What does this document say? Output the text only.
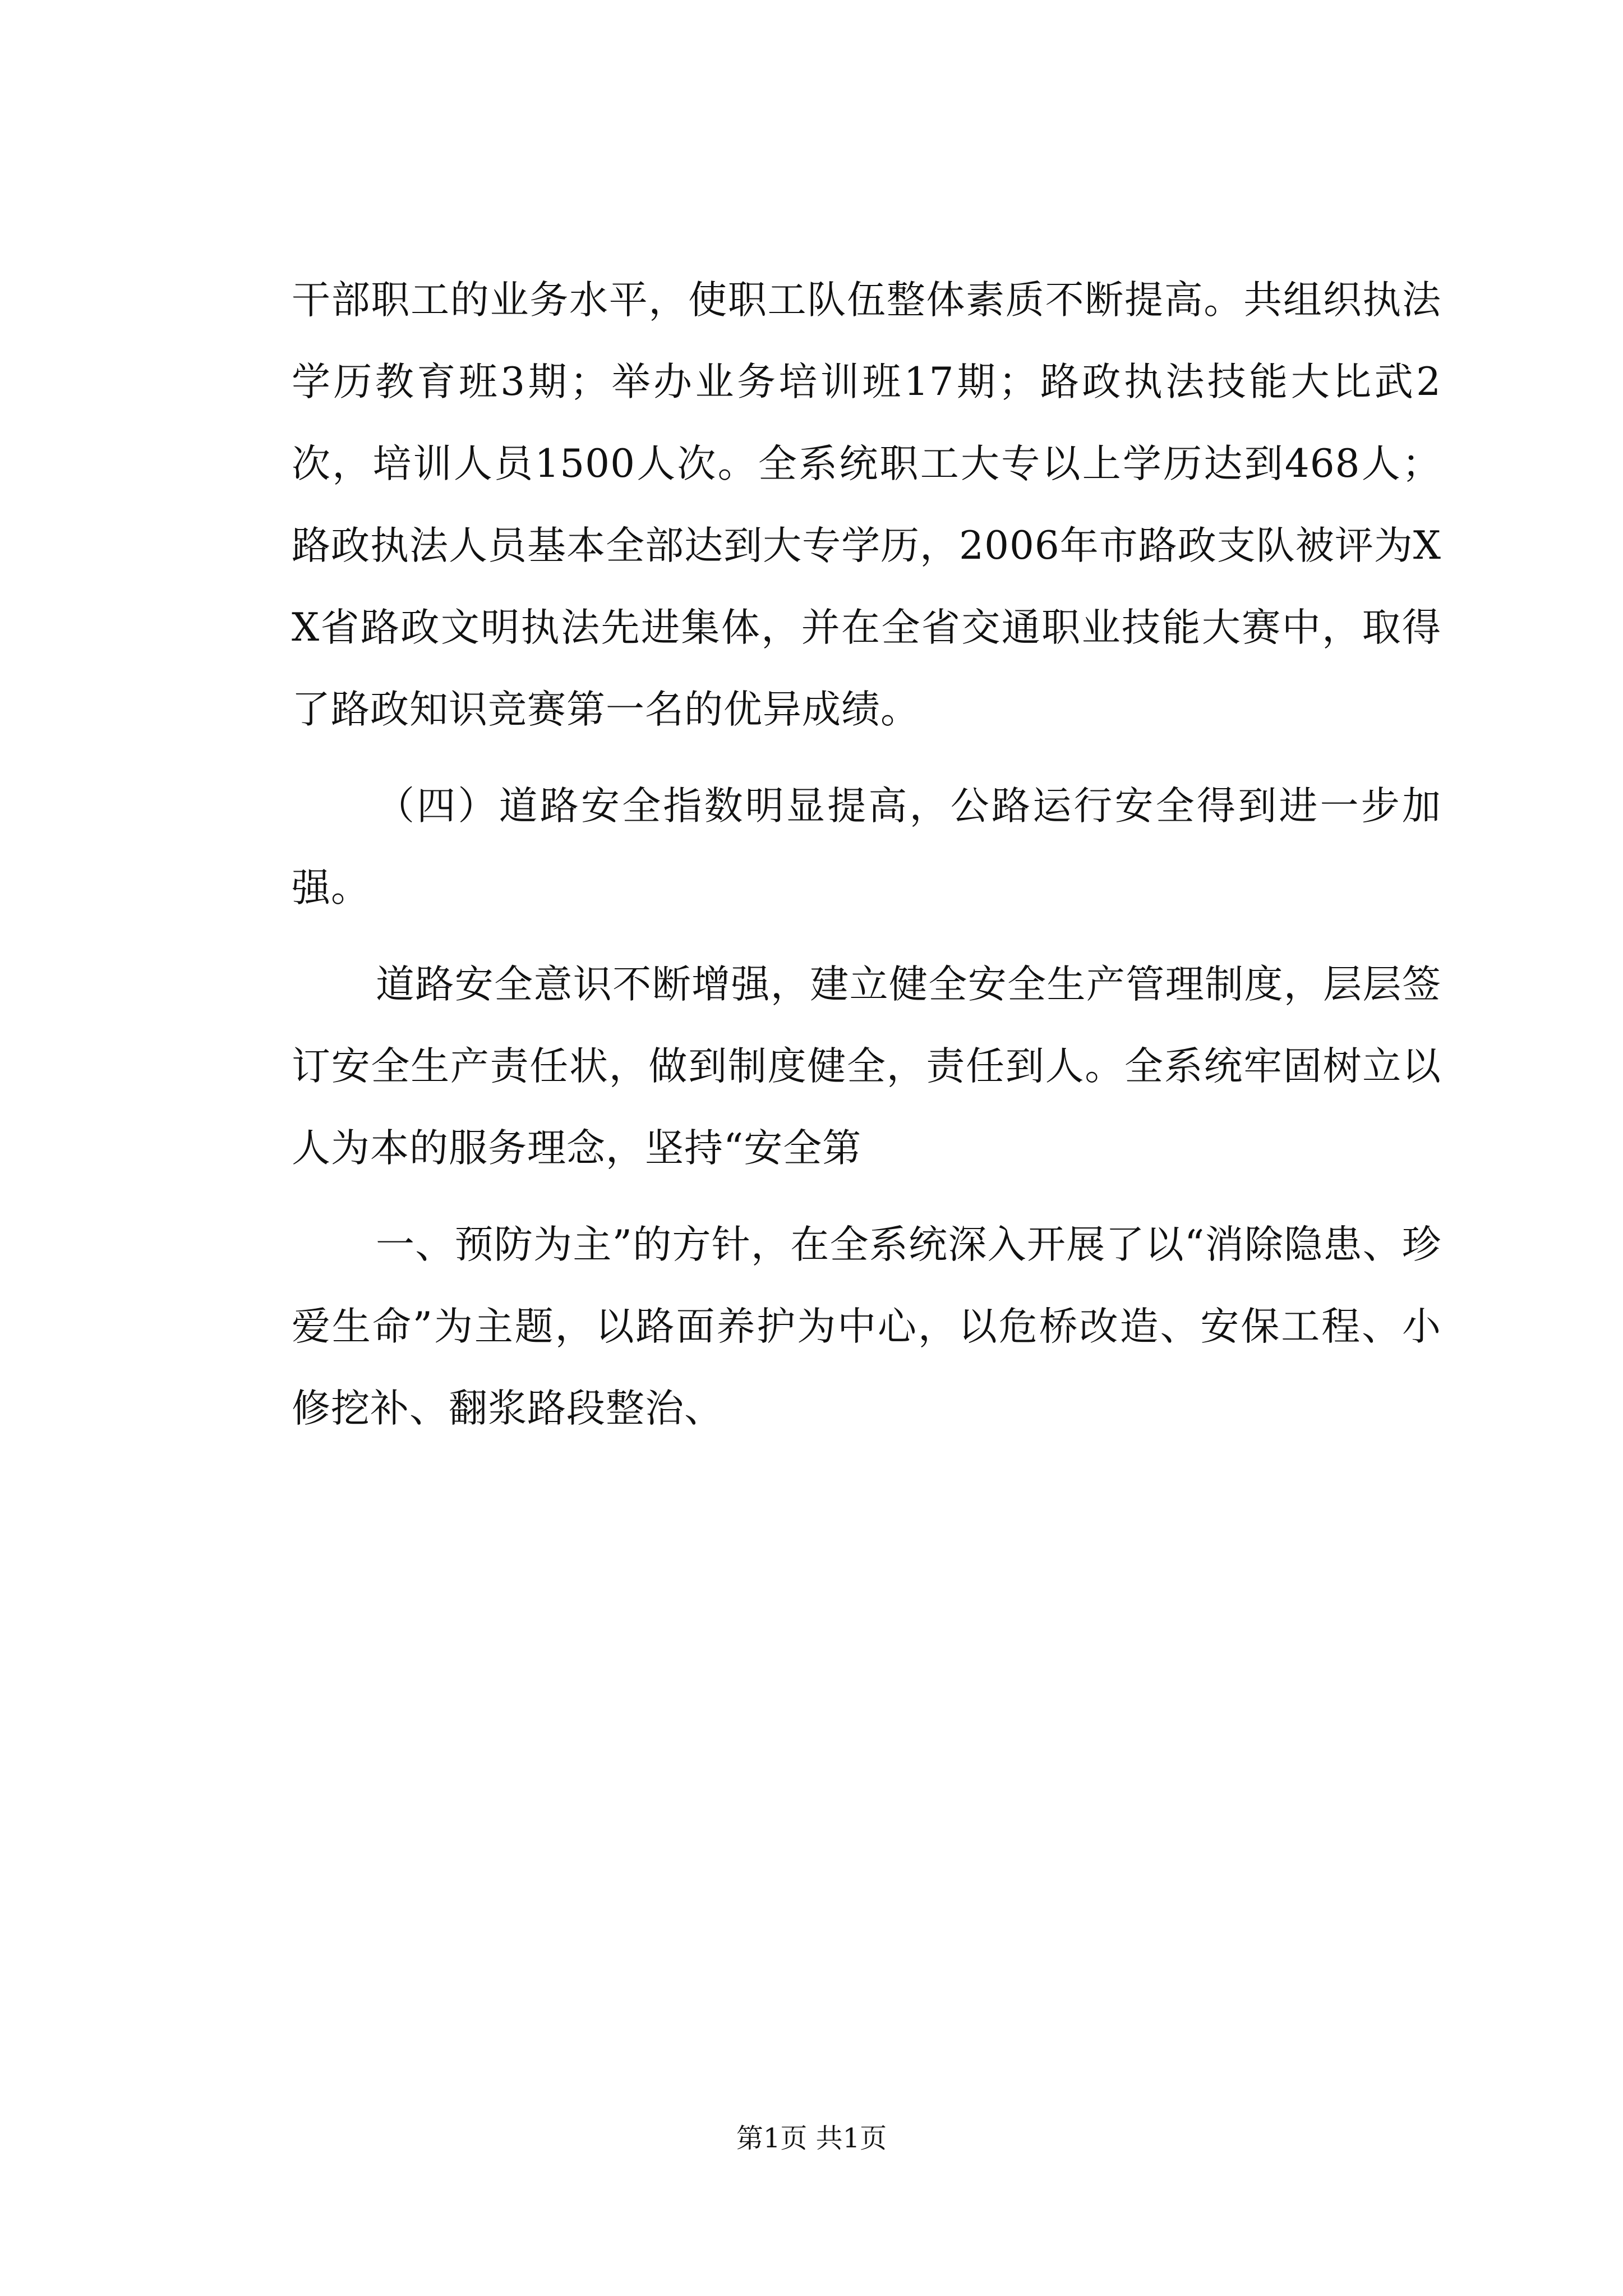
干部职工的业务水平，使职工队伍整体素质不断提高。共组织执法学历教育班3期；举办业务培训班17期；路政执法技能大比武2次，培训人员1500人次。全系统职工大专以上学历达到468人；路政执法人员基本全部达到大专学历，2006年市路政支队被评为XX省路政文明执法先进集体，并在全省交通职业技能大赛中，取得了路政知识竞赛第一名的优异成绩。

（四）道路安全指数明显提高，公路运行安全得到进一步加强。

道路安全意识不断增强，建立健全安全生产管理制度，层层签订安全生产责任状，做到制度健全，责任到人。全系统牢固树立以人为本的服务理念，坚持“安全第

一、预防为主”的方针，在全系统深入开展了以“消除隐患、珍爱生命”为主题，以路面养护为中心，以危桥改造、安保工程、小修挖补、翻浆路段整治、

第1页 共1页
